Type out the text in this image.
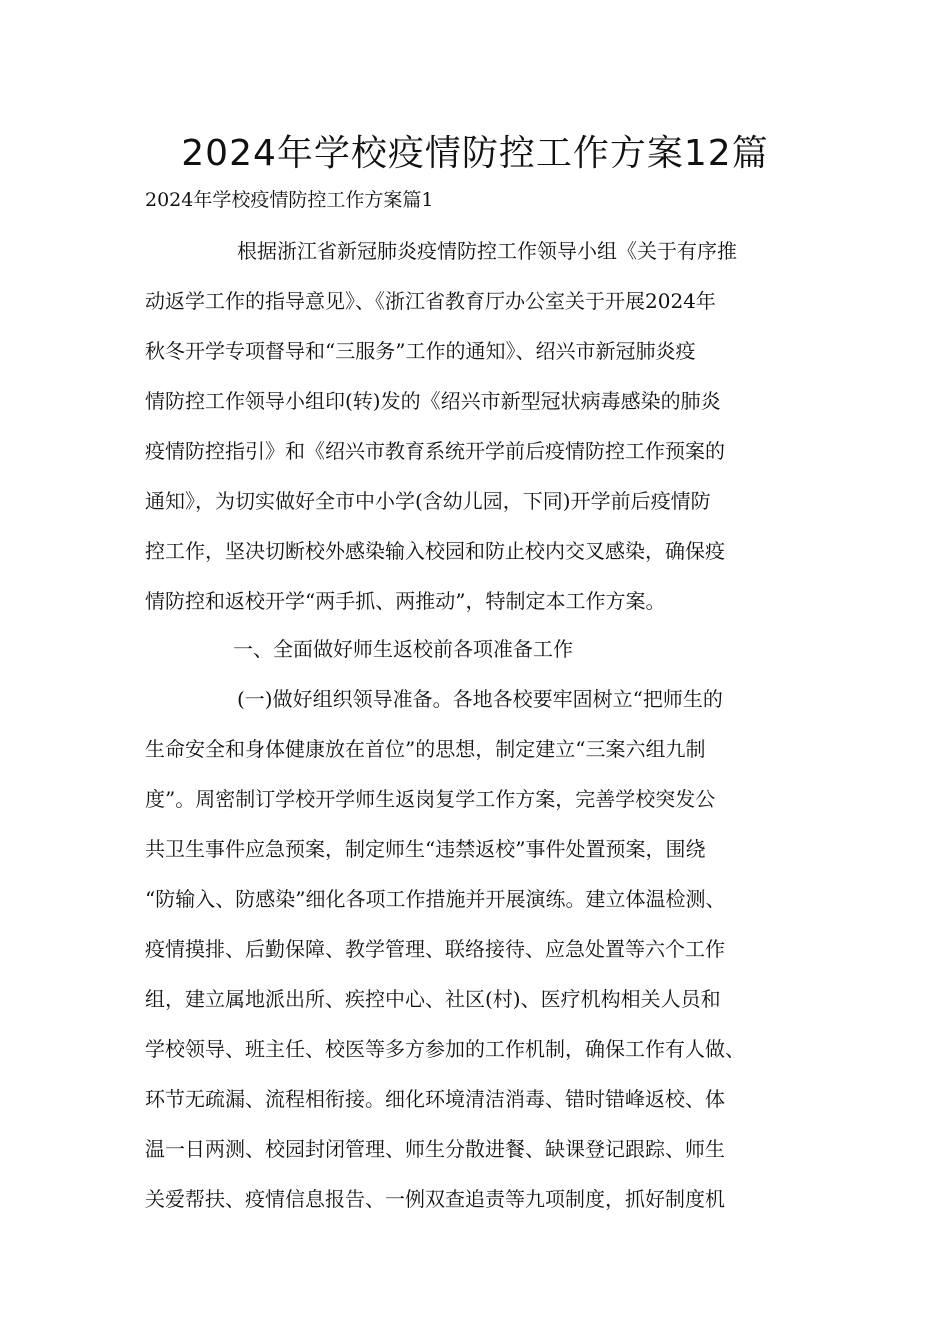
2024年学校疫情防控工作方案12篇
2024年学校疫情防控工作方案篇1
根据浙江省新冠肺炎疫情防控工作领导小组《关于有序推
动返学工作的指导意见》、《浙江省教育厅办公室关于开展2024年
秋冬开学专项督导和“三服务”工作的通知》、绍兴市新冠肺炎疫
情防控工作领导小组印(转)发的《绍兴市新型冠状病毒感染的肺炎
疫情防控指引》和《绍兴市教育系统开学前后疫情防控工作预案的
通知》，为切实做好全市中小学(含幼儿园，下同)开学前后疫情防
控工作，坚决切断校外感染输入校园和防止校内交叉感染，确保疫
情防控和返校开学“两手抓、两推动”，特制定本工作方案。
一、全面做好师生返校前各项准备工作
(一)做好组织领导准备。各地各校要牢固树立“把师生的
生命安全和身体健康放在首位”的思想，制定建立“三案六组九制
度”。周密制订学校开学师生返岗复学工作方案，完善学校突发公
共卫生事件应急预案，制定师生“违禁返校”事件处置预案，围绕
“防输入、防感染”细化各项工作措施并开展演练。建立体温检测、
疫情摸排、后勤保障、教学管理、联络接待、应急处置等六个工作
组，建立属地派出所、疾控中心、社区(村)、医疗机构相关人员和
学校领导、班主任、校医等多方参加的工作机制，确保工作有人做、
环节无疏漏、流程相衔接。细化环境清洁消毒、错时错峰返校、体
温一日两测、校园封闭管理、师生分散进餐、缺课登记跟踪、师生
关爱帮扶、疫情信息报告、一例双查追责等九项制度，抓好制度机
